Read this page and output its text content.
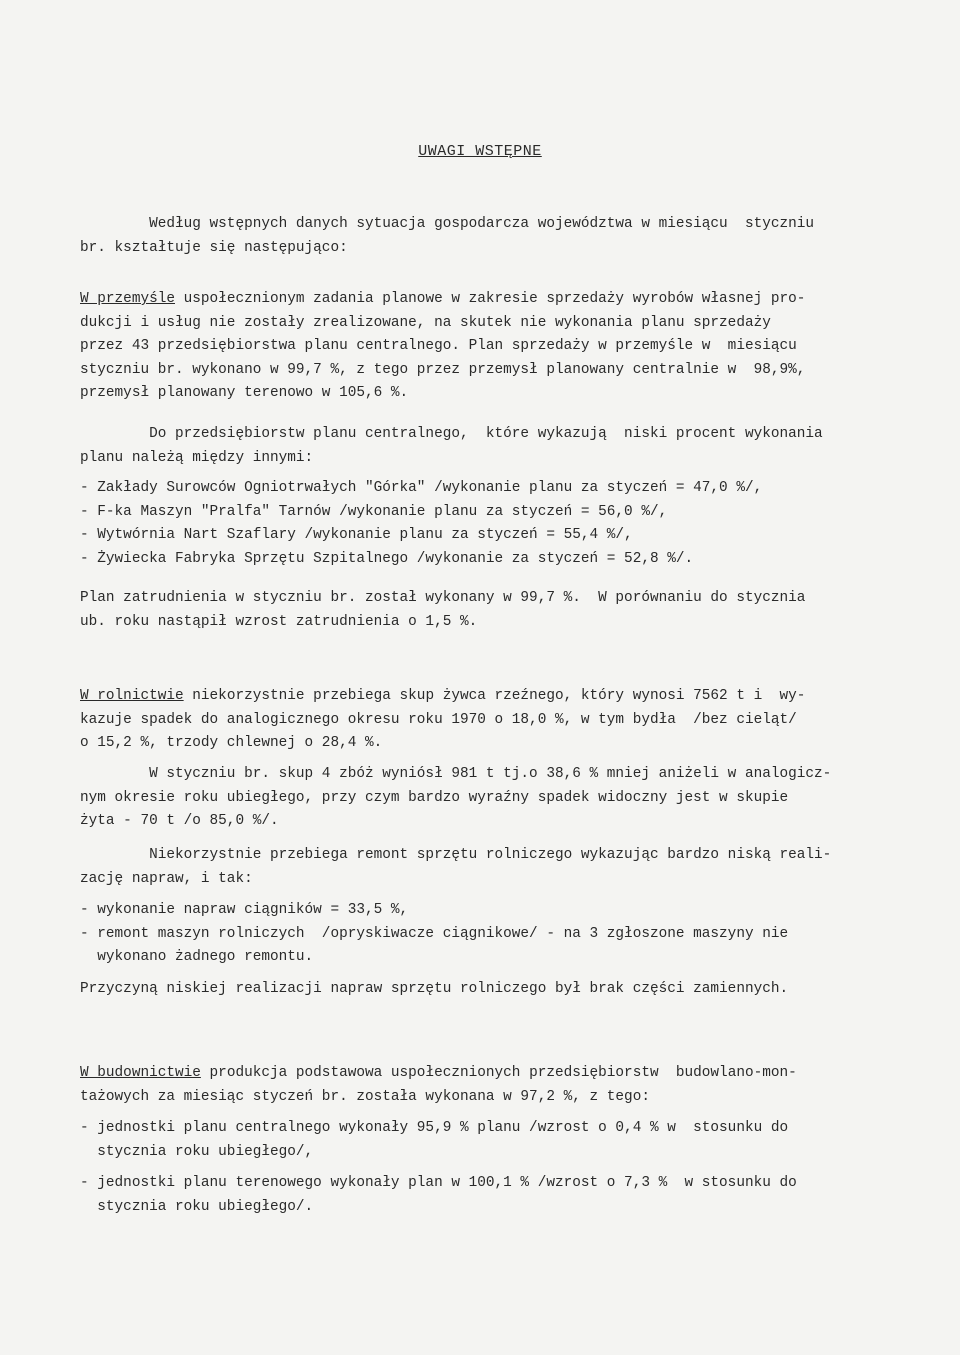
UWAGI WSTĘPNE
Według wstępnych danych sytuacja gospodarcza województwa w miesiącu  styczniu
br. kształtuje się następująco:
W przemyśle uspołecznionym zadania planowe w zakresie sprzedaży wyrobów własnej pro-
dukcji i usług nie zostały zrealizowane, na skutek nie wykonania planu sprzedaży
przez 43 przedsiębiorstwa planu centralnego. Plan sprzedaży w przemyśle w  miesiącu
styczniu br. wykonano w 99,7 %, z tego przez przemysł planowany centralnie w  98,9%,
przemysł planowany terenowo w 105,6 %.
Do przedsiębiorstw planu centralnego,  które wykazują  niski procent wykonania
planu należą między innymi:
- Zakłady Surowców Ogniotrwałych "Górka" /wykonanie planu za styczeń = 47,0 %/,
- F-ka Maszyn "Pralfa" Tarnów /wykonanie planu za styczeń = 56,0 %/,
- Wytwórnia Nart Szaflary /wykonanie planu za styczeń = 55,4 %/,
- Żywiecka Fabryka Sprzętu Szpitalnego /wykonanie za styczeń = 52,8 %/.
Plan zatrudnienia w styczniu br. został wykonany w 99,7 %.  W porównaniu do stycznia
ub. roku nastąpił wzrost zatrudnienia o 1,5 %.
W rolnictwie niekorzystnie przebiega skup żywca rzeźnego, który wynosi 7562 t i  wy-
kazuje spadek do analogicznego okresu roku 1970 o 18,0 %, w tym bydła  /bez cieląt/
o 15,2 %, trzody chlewnej o 28,4 %.
W styczniu br. skup 4 zbóż wyniósł 981 t tj.o 38,6 % mniej aniżeli w analogicz-
nym okresie roku ubiegłego, przy czym bardzo wyraźny spadek widoczny jest w skupie
żyta - 70 t /o 85,0 %/.
Niekorzystnie przebiega remont sprzętu rolniczego wykazując bardzo niską reali-
zację napraw, i tak:
- wykonanie napraw ciągników = 33,5 %,
- remont maszyn rolniczych  /opryskiwacze ciągnikowe/ - na 3 zgłoszone maszyny nie
wykonano żadnego remontu.
Przyczyną niskiej realizacji napraw sprzętu rolniczego był brak części zamiennych.
W budownictwie produkcja podstawowa uspołecznionych przedsiębiorstw  budowlano-mon-
tażowych za miesiąc styczeń br. została wykonana w 97,2 %, z tego:
- jednostki planu centralnego wykonały 95,9 % planu /wzrost o 0,4 % w  stosunku do
stycznia roku ubiegłego/,
- jednostki planu terenowego wykonały plan w 100,1 % /wzrost o 7,3 %  w stosunku do
stycznia roku ubiegłego/.
